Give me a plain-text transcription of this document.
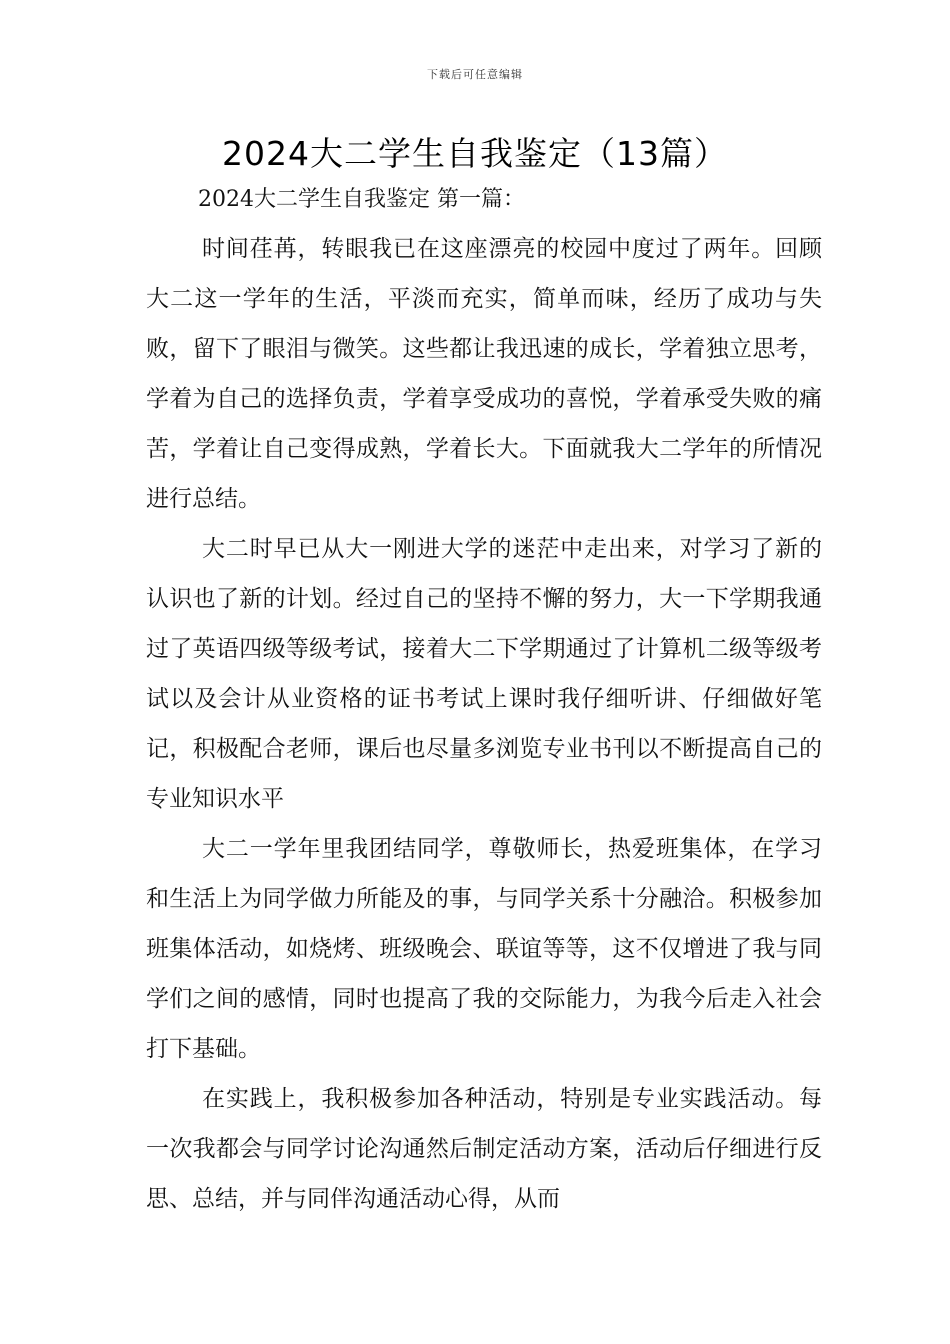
下载后可任意编辑
2024大二学生自我鉴定（13篇）

2024大二学生自我鉴定 第一篇：

时间荏苒，转眼我已在这座漂亮的校园中度过了两年。回顾大二这一学年的生活，平淡而充实，简单而味，经历了成功与失败，留下了眼泪与微笑。这些都让我迅速的成长，学着独立思考，学着为自己的选择负责，学着享受成功的喜悦，学着承受失败的痛苦，学着让自己变得成熟，学着长大。下面就我大二学年的所情况进行总结。

大二时早已从大一刚进大学的迷茫中走出来，对学习了新的认识也了新的计划。经过自己的坚持不懈的努力，大一下学期我通过了英语四级等级考试，接着大二下学期通过了计算机二级等级考试以及会计从业资格的证书考试上课时我仔细听讲、仔细做好笔记，积极配合老师，课后也尽量多浏览专业书刊以不断提高自己的专业知识水平

大二一学年里我团结同学，尊敬师长，热爱班集体，在学习和生活上为同学做力所能及的事，与同学关系十分融洽。积极参加班集体活动，如烧烤、班级晚会、联谊等等，这不仅增进了我与同学们之间的感情，同时也提高了我的交际能力，为我今后走入社会打下基础。

在实践上，我积极参加各种活动，特别是专业实践活动。每一次我都会与同学讨论沟通然后制定活动方案，活动后仔细进行反思、总结，并与同伴沟通活动心得，从而
